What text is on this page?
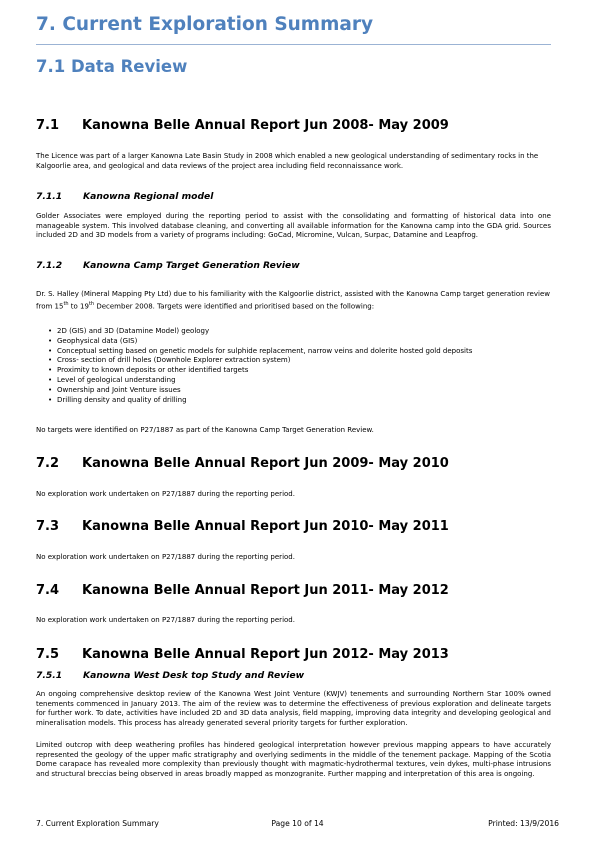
7. Current Exploration Summary
7.1 Data Review
7.1 Kanowna Belle Annual Report Jun 2008- May 2009
The Licence was part of a larger Kanowna Late Basin Study in 2008 which enabled a new geological understanding of sedimentary rocks in the Kalgoorlie area, and geological and data reviews of the project area including field reconnaissance work.
7.1.1 Kanowna Regional model
Golder Associates were employed during the reporting period to assist with the consolidating and formatting of historical data into one manageable system. This involved database cleaning, and converting all available information for the Kanowna camp into the GDA grid. Sources included 2D and 3D models from a variety of programs including: GoCad, Micromine, Vulcan, Surpac, Datamine and Leapfrog.
7.1.2 Kanowna Camp Target Generation Review
Dr. S. Halley (Mineral Mapping Pty Ltd) due to his familiarity with the Kalgoorlie district, assisted with the Kanowna Camp target generation review from 15th to 19th December 2008. Targets were identified and prioritised based on the following:
• 2D (GIS) and 3D (Datamine Model) geology
• Geophysical data (GIS)
• Conceptual setting based on genetic models for sulphide replacement, narrow veins and dolerite hosted gold deposits
• Cross- section of drill holes (Downhole Explorer extraction system)
• Proximity to known deposits or other identified targets
• Level of geological understanding
• Ownership and Joint Venture issues
• Drilling density and quality of drilling
No targets were identified on P27/1887 as part of the Kanowna Camp Target Generation Review.
7.2 Kanowna Belle Annual Report Jun 2009- May 2010
No exploration work undertaken on P27/1887 during the reporting period.
7.3 Kanowna Belle Annual Report Jun 2010- May 2011
No exploration work undertaken on P27/1887 during the reporting period.
7.4 Kanowna Belle Annual Report Jun 2011- May 2012
No exploration work undertaken on P27/1887 during the reporting period.
7.5 Kanowna Belle Annual Report Jun 2012- May 2013
7.5.1 Kanowna West Desk top Study and Review
An ongoing comprehensive desktop review of the Kanowna West Joint Venture (KWJV) tenements and surrounding Northern Star 100% owned tenements commenced in January 2013. The aim of the review was to determine the effectiveness of previous exploration and delineate targets for further work. To date, activities have included 2D and 3D data analysis, field mapping, improving data integrity and developing geological and mineralisation models. This process has already generated several priority targets for further exploration.
Limited outcrop with deep weathering profiles has hindered geological interpretation however previous mapping appears to have accurately represented the geology of the upper mafic stratigraphy and overlying sediments in the middle of the tenement package. Mapping of the Scotia Dome carapace has revealed more complexity than previously thought with magmatic-hydrothermal textures, vein dykes, multi-phase intrusions and structural breccias being observed in areas broadly mapped as monzogranite. Further mapping and interpretation of this area is ongoing.
7. Current Exploration Summary	Page 10 of 14	Printed: 13/9/2016
